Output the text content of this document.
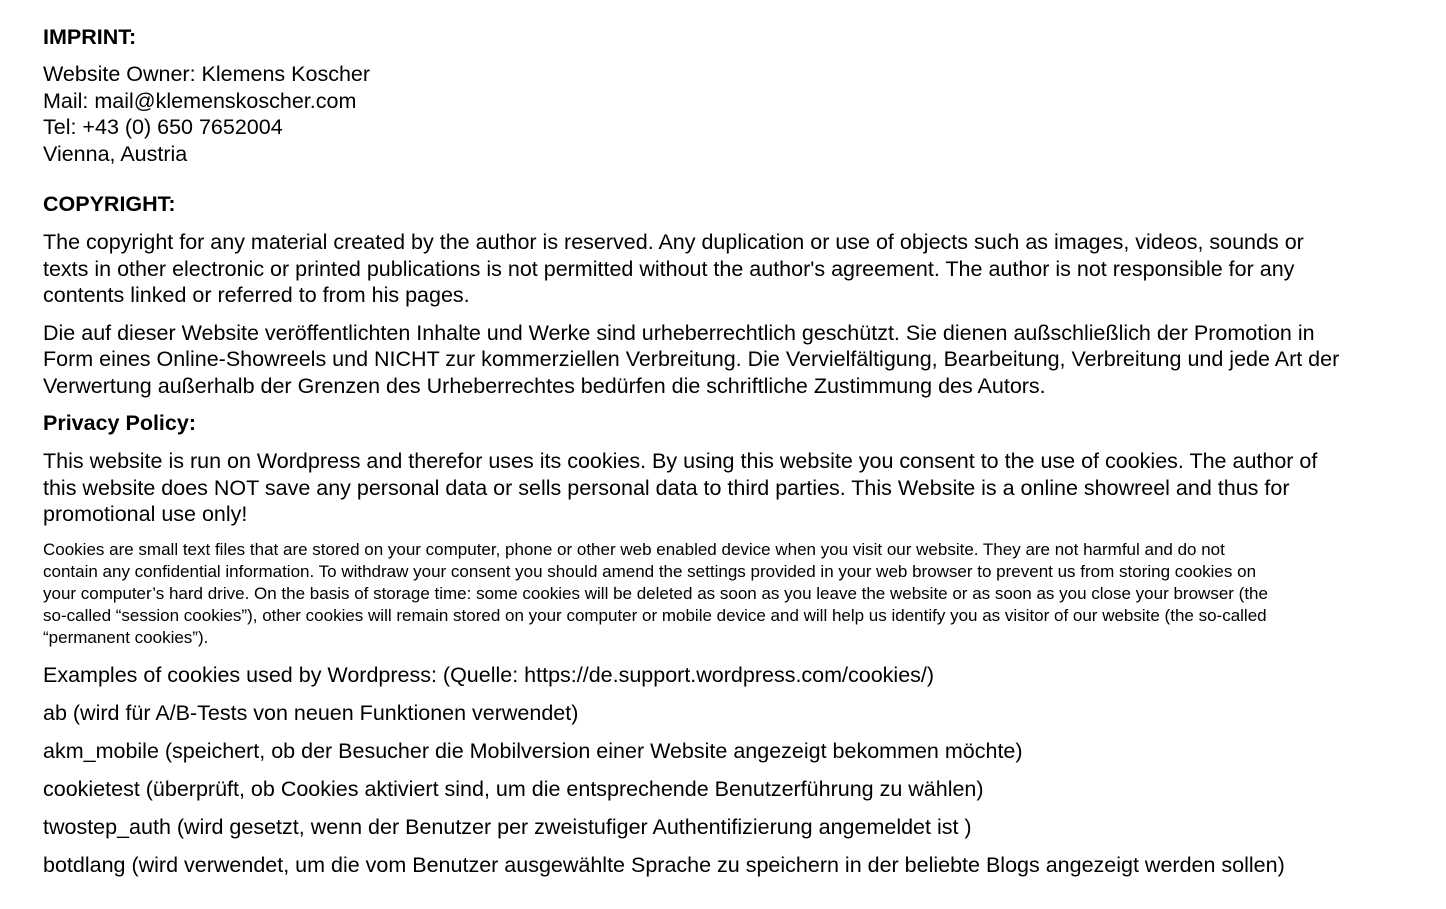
IMPRINT:
Website Owner: Klemens Koscher
Mail: mail@klemenskoscher.com
Tel: +43 (0) 650 7652004
Vienna, Austria
COPYRIGHT:
The copyright for any material created by the author is reserved. Any duplication or use of objects such as images, videos, sounds or
texts in other electronic or printed publications is not permitted without the author's agreement. The author is not responsible for any
contents linked or referred to from his pages.
Die auf dieser Website veröffentlichten Inhalte und Werke sind urheberrechtlich geschützt. Sie dienen außschließlich der Promotion in
Form eines Online-Showreels und NICHT zur kommerziellen Verbreitung. Die Vervielfältigung, Bearbeitung, Verbreitung und jede Art der
Verwertung außerhalb der Grenzen des Urheberrechtes bedürfen die schriftliche Zustimmung des Autors.
Privacy Policy:
This website is run on Wordpress and therefor uses its cookies. By using this website you consent to the use of cookies. The author of
this website does NOT save any personal data or sells personal data to third parties. This Website is a online showreel and thus for
promotional use only!
Cookies are small text files that are stored on your computer, phone or other web enabled device when you visit our website. They are not harmful and do not
contain any confidential information. To withdraw your consent you should amend the settings provided in your web browser to prevent us from storing cookies on
your computer’s hard drive. On the basis of storage time: some cookies will be deleted as soon as you leave the website or as soon as you close your browser (the
so-called “session cookies”), other cookies will remain stored on your computer or mobile device and will help us identify you as visitor of our website (the so-called
“permanent cookies”).
Examples of cookies used by Wordpress: (Quelle: https://de.support.wordpress.com/cookies/)
ab (wird für A/B-Tests von neuen Funktionen verwendet)
akm_mobile (speichert, ob der Besucher die Mobilversion einer Website angezeigt bekommen möchte)
cookietest (überprüft, ob Cookies aktiviert sind, um die entsprechende Benutzerführung zu wählen)
twostep_auth (wird gesetzt, wenn der Benutzer per zweistufiger Authentifizierung angemeldet ist )
botdlang (wird verwendet, um die vom Benutzer ausgewählte Sprache zu speichern in der beliebte Blogs angezeigt werden sollen)
